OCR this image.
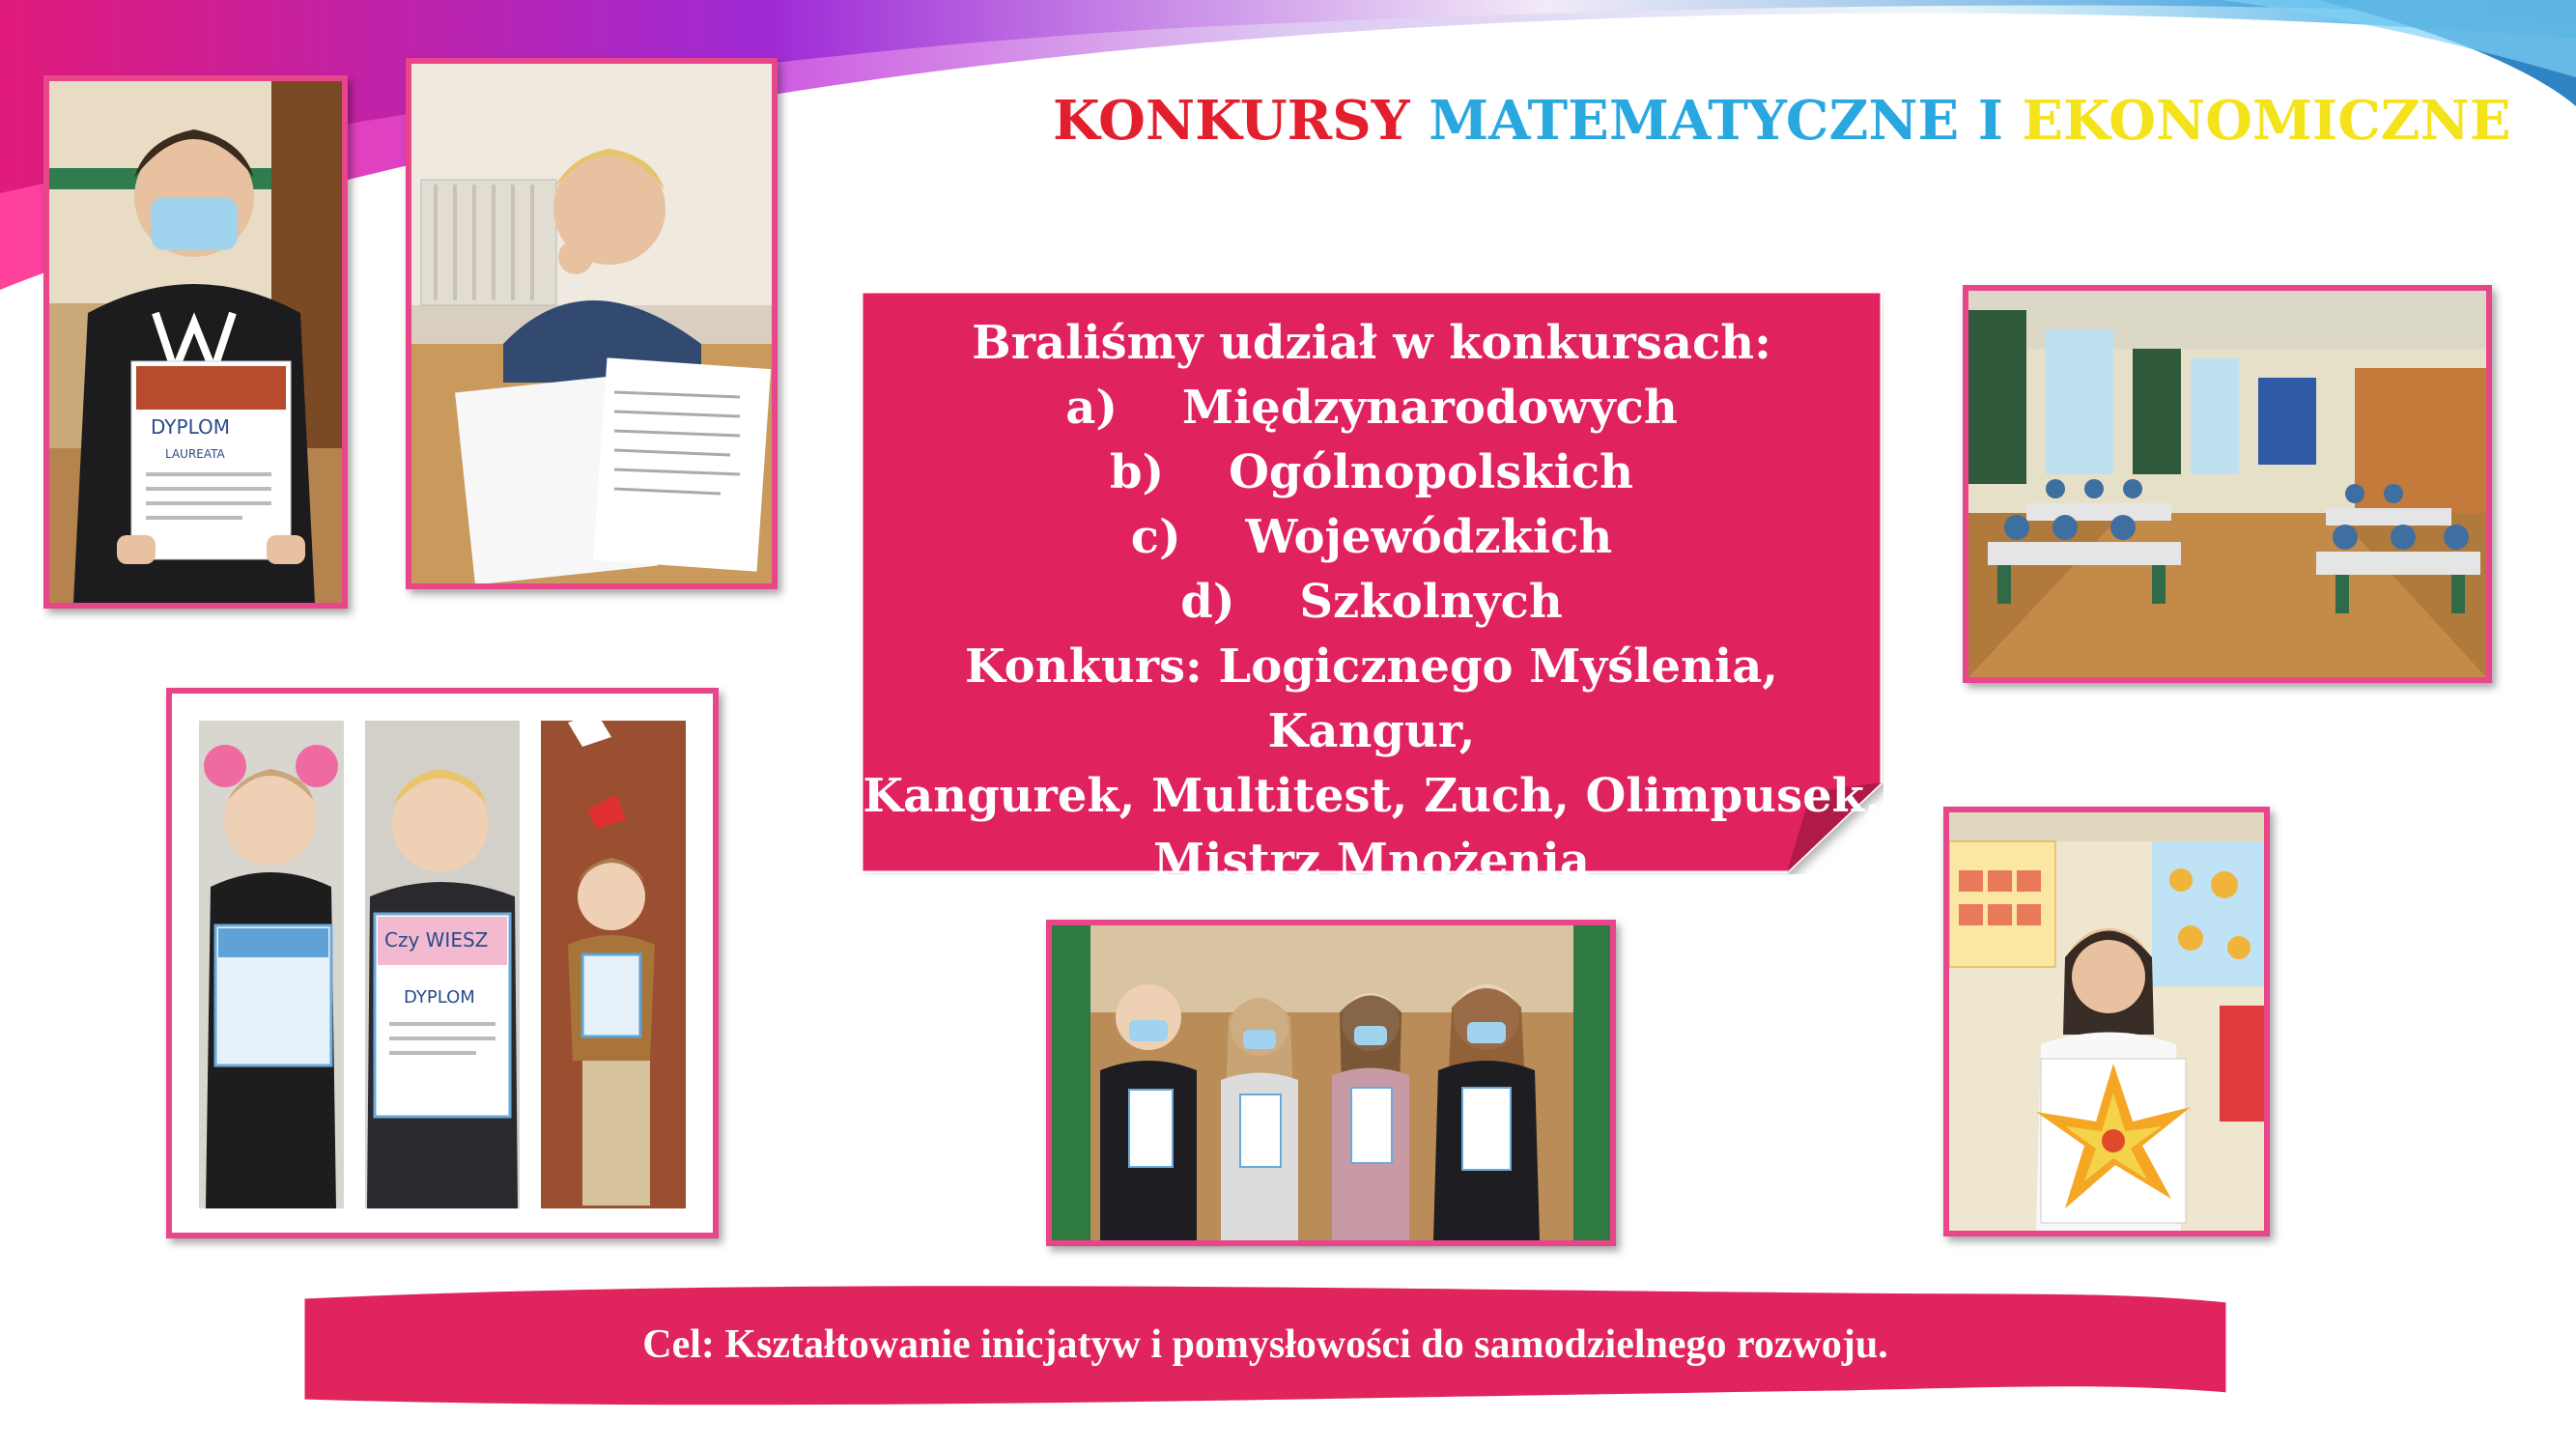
KONKURSY MATEMATYCZNE I EKONOMICZNE
DYPLOM
LAUREATA
Braliśmy udział w konkursach:
a) Międzynarodowych
b) Ogólnopolskich
c) Wojewódzkich
d) Szkolnych
Konkurs: Logicznego Myślenia, Kangur,
Kangurek, Multitest, Zuch, Olimpusek,
Mistrz Mnożenia
Czy WIESZ
DYPLOM
Cel: Kształtowanie inicjatyw i pomysłowości do samodzielnego rozwoju.
